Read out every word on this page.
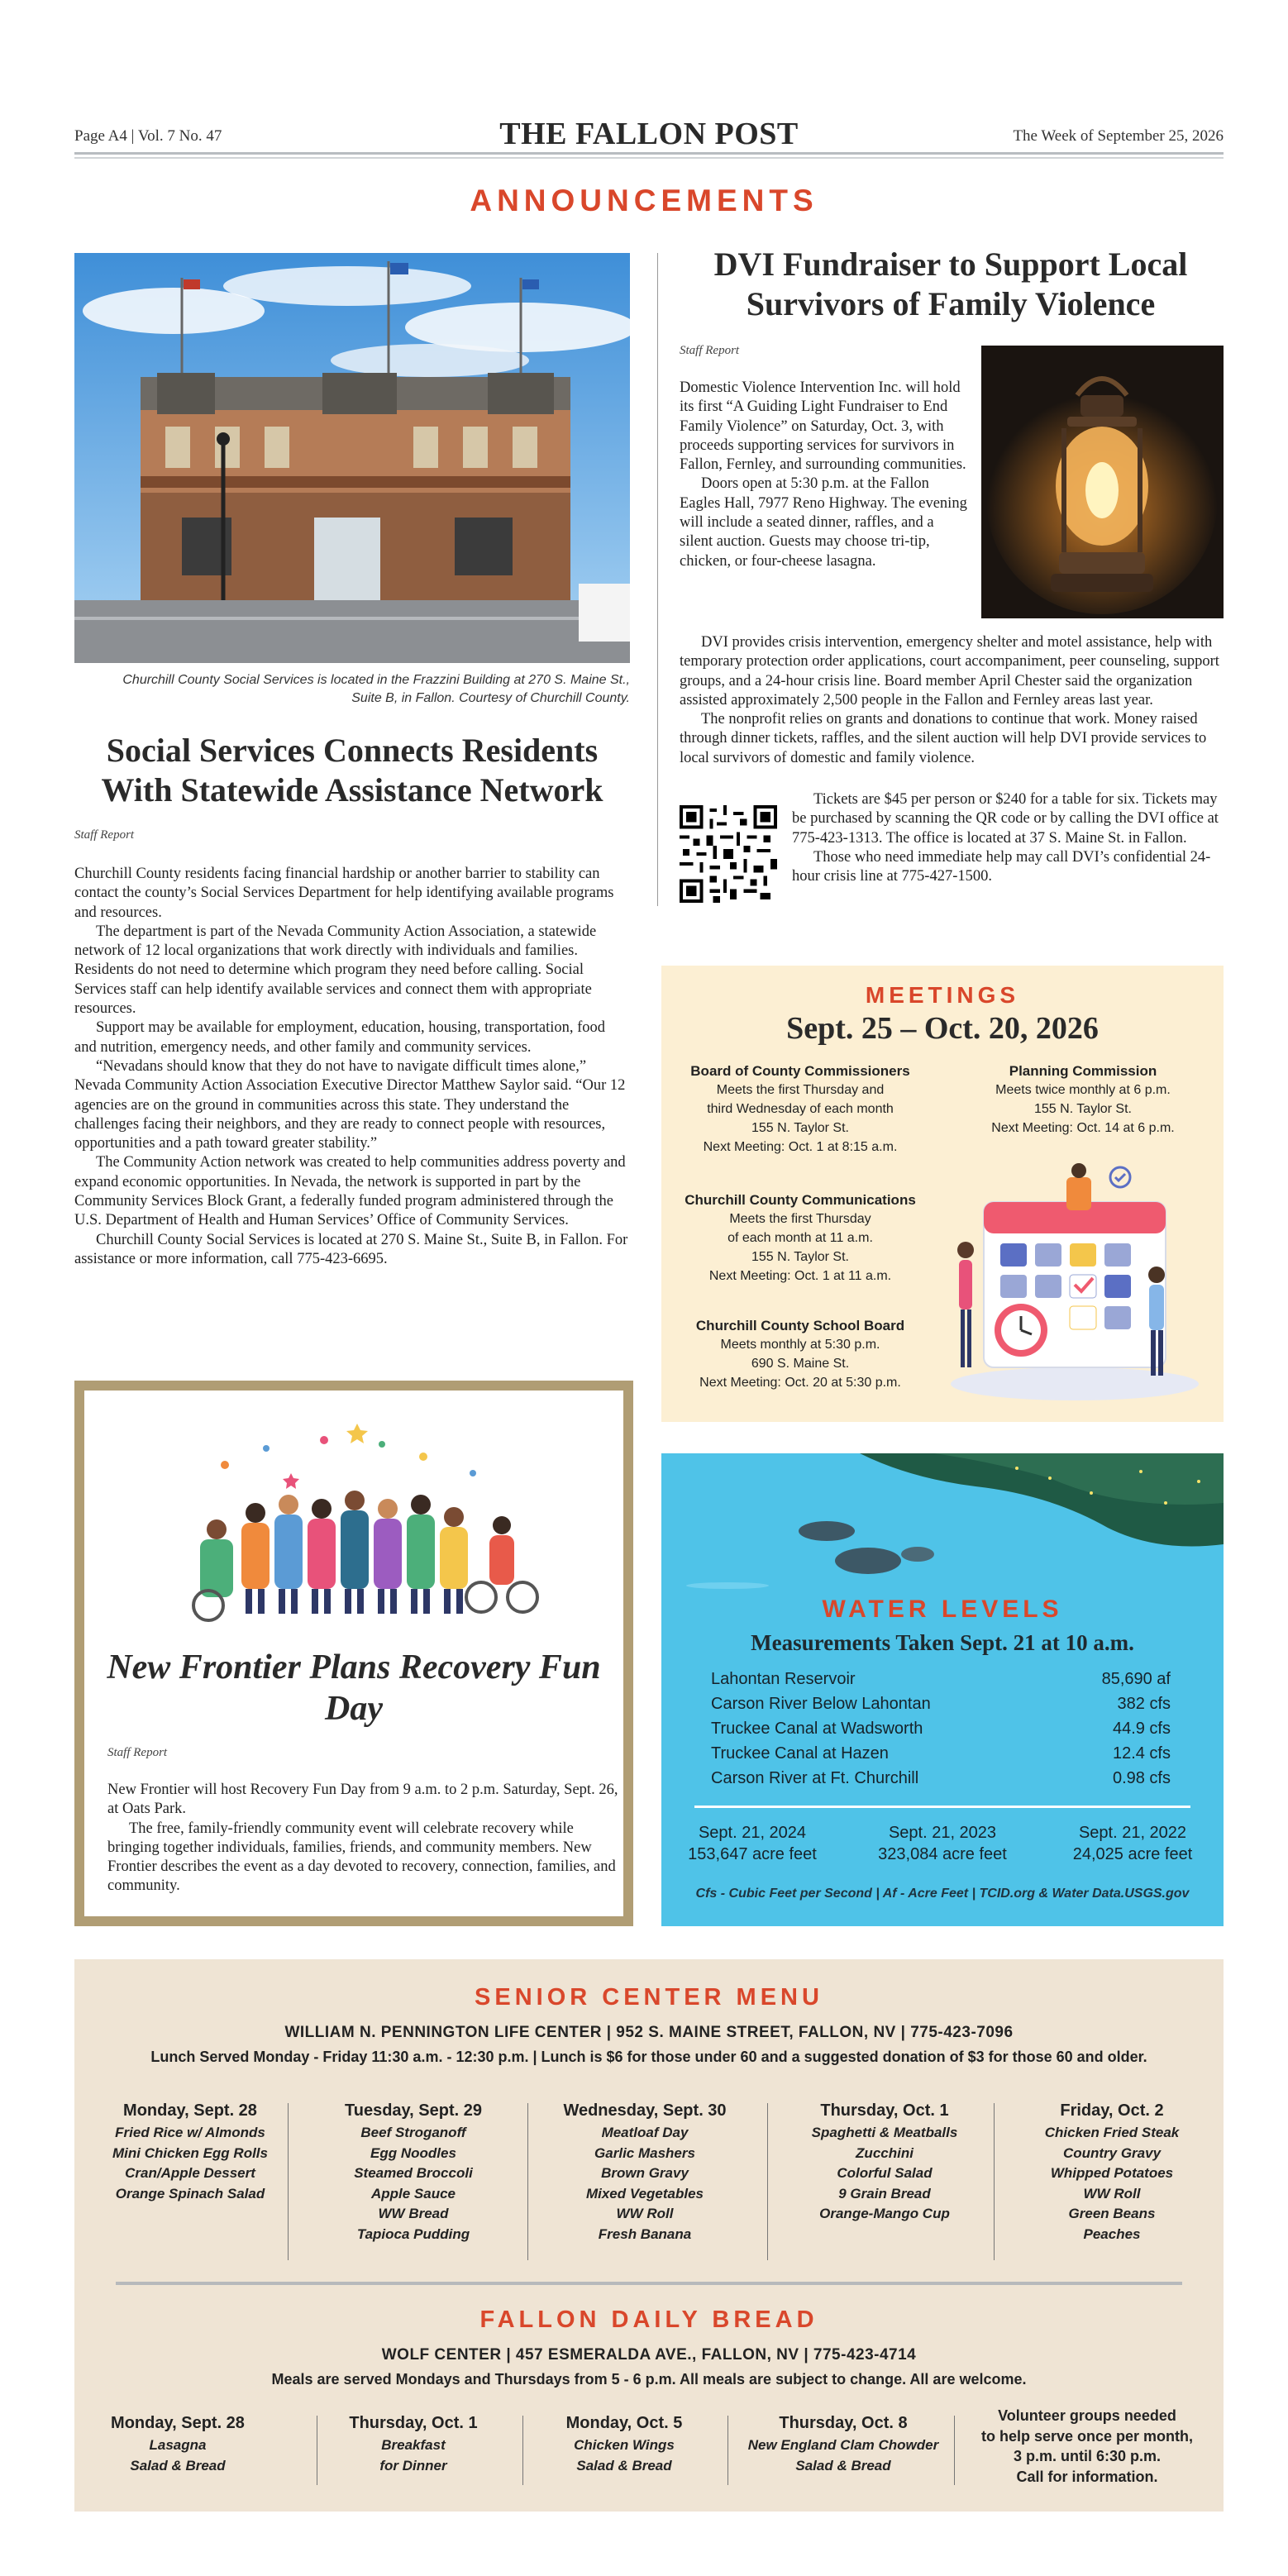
Page A4 | Vol. 7 No. 47	THE FALLON POST	The Week of September 25, 2026
ANNOUNCEMENTS
Churchill County Social Services is located in the Frazzini Building at 270 S. Maine St., Suite B, in Fallon. Courtesy of Churchill County.
Social Services Connects Residents With Statewide Assistance Network
Staff Report

Churchill County residents facing financial hardship or another barrier to stability can contact the county’s Social Services Department for help identifying available programs and resources.

The department is part of the Nevada Community Action Association, a statewide network of 12 local organizations that work directly with individuals and families. Residents do not need to determine which program they need before calling. Social Services staff can help identify available services and connect them with appropriate resources.

Support may be available for employment, education, housing, transportation, food and nutrition, emergency needs, and other family and community services.

“Nevadans should know that they do not have to navigate difficult times alone,” Nevada Community Action Association Executive Director Matthew Saylor said. “Our 12 agencies are on the ground in communities across this state. They understand the challenges facing their neighbors, and they are ready to connect people with resources, opportunities and a path toward greater stability.”

The Community Action network was created to help communities address poverty and expand economic opportunities. In Nevada, the network is supported in part by the Community Services Block Grant, a federally funded program administered through the U.S. Department of Health and Human Services’ Office of Community Services.

Churchill County Social Services is located at 270 S. Maine St., Suite B, in Fallon. For assistance or more information, call 775-423-6695.

DVI Fundraiser to Support Local Survivors of Family Violence
Staff Report

Domestic Violence Intervention Inc. will hold its first “A Guiding Light Fundraiser to End Family Violence” on Saturday, Oct. 3, with proceeds supporting services for survivors in Fallon, Fernley, and surrounding communities.

Doors open at 5:30 p.m. at the Fallon Eagles Hall, 7977 Reno Highway. The evening will include a seated dinner, raffles, and a silent auction. Guests may choose tri-tip, chicken, or four-cheese lasagna.

DVI provides crisis intervention, emergency shelter and motel assistance, help with temporary protection order applications, court accompaniment, peer counseling, support groups, and a 24-hour crisis line. Board member April Chester said the organization assisted approximately 2,500 people in the Fallon and Fernley areas last year.

The nonprofit relies on grants and donations to continue that work. Money raised through dinner tickets, raffles, and the silent auction will help DVI provide services to local survivors of domestic and family violence.

Tickets are $45 per person or $240 for a table for six. Tickets may be purchased by scanning the QR code or by calling the DVI office at 775-423-1313. The office is located at 37 S. Maine St. in Fallon.

Those who need immediate help may call DVI’s confidential 24-hour crisis line at 775-427-1500.

MEETINGS
Sept. 25 – Oct. 20, 2026
Board of County Commissioners
Meets the first Thursday and
third Wednesday of each month
155 N. Taylor St.
Next Meeting: Oct. 1 at 8:15 a.m.
Planning Commission
Meets twice monthly at 6 p.m.
155 N. Taylor St.
Next Meeting: Oct. 14 at 6 p.m.
Churchill County Communications
Meets the first Thursday
of each month at 11 a.m.
155 N. Taylor St.
Next Meeting: Oct. 1 at 11 a.m.
Churchill County School Board
Meets monthly at 5:30 p.m.
690 S. Maine St.
Next Meeting: Oct. 20 at 5:30 p.m.
WATER LEVELS
Measurements Taken Sept. 21 at 10 a.m.
Lahontan Reservoir	85,690 af
Carson River Below Lahontan	382 cfs
Truckee Canal at Wadsworth	44.9 cfs
Truckee Canal at Hazen	12.4 cfs
Carson River at Ft. Churchill	0.98 cfs
Sept. 21, 2024
153,647 acre feet
Sept. 21, 2023
323,084 acre feet
Sept. 21, 2022
24,025 acre feet
Cfs - Cubic Feet per Second | Af - Acre Feet | TCID.org & Water Data.USGS.gov
New Frontier Plans Recovery Fun Day
Staff Report

New Frontier will host Recovery Fun Day from 9 a.m. to 2 p.m. Saturday, Sept. 26, at Oats Park.

The free, family-friendly community event will celebrate recovery while bringing together individuals, families, friends, and community members. New Frontier describes the event as a day devoted to recovery, connection, families, and community.

SENIOR CENTER MENU
WILLIAM N. PENNINGTON LIFE CENTER | 952 S. MAINE STREET, FALLON, NV | 775-423-7096
Lunch Served Monday - Friday 11:30 a.m. - 12:30 p.m. | Lunch is $6 for those under 60 and a suggested donation of $3 for those 60 and older.
Monday, Sept. 28
Fried Rice w/ Almonds
Mini Chicken Egg Rolls
Cran/Apple Dessert
Orange Spinach Salad
Tuesday, Sept. 29
Beef Stroganoff
Egg Noodles
Steamed Broccoli
Apple Sauce
WW Bread
Tapioca Pudding
Wednesday, Sept. 30
Meatloaf Day
Garlic Mashers
Brown Gravy
Mixed Vegetables
WW Roll
Fresh Banana
Thursday, Oct. 1
Spaghetti & Meatballs
Zucchini
Colorful Salad
9 Grain Bread
Orange-Mango Cup
Friday, Oct. 2
Chicken Fried Steak
Country Gravy
Whipped Potatoes
WW Roll
Green Beans
Peaches
FALLON DAILY BREAD
WOLF CENTER | 457 ESMERALDA AVE., FALLON, NV | 775-423-4714
Meals are served Mondays and Thursdays from 5 - 6 p.m. All meals are subject to change. All are welcome.
Monday, Sept. 28
Lasagna
Salad & Bread
Thursday, Oct. 1
Breakfast
for Dinner
Monday, Oct. 5
Chicken Wings
Salad & Bread
Thursday, Oct. 8
New England Clam Chowder
Salad & Bread
Volunteer groups needed
to help serve once per month,
3 p.m. until 6:30 p.m.
Call for information.
